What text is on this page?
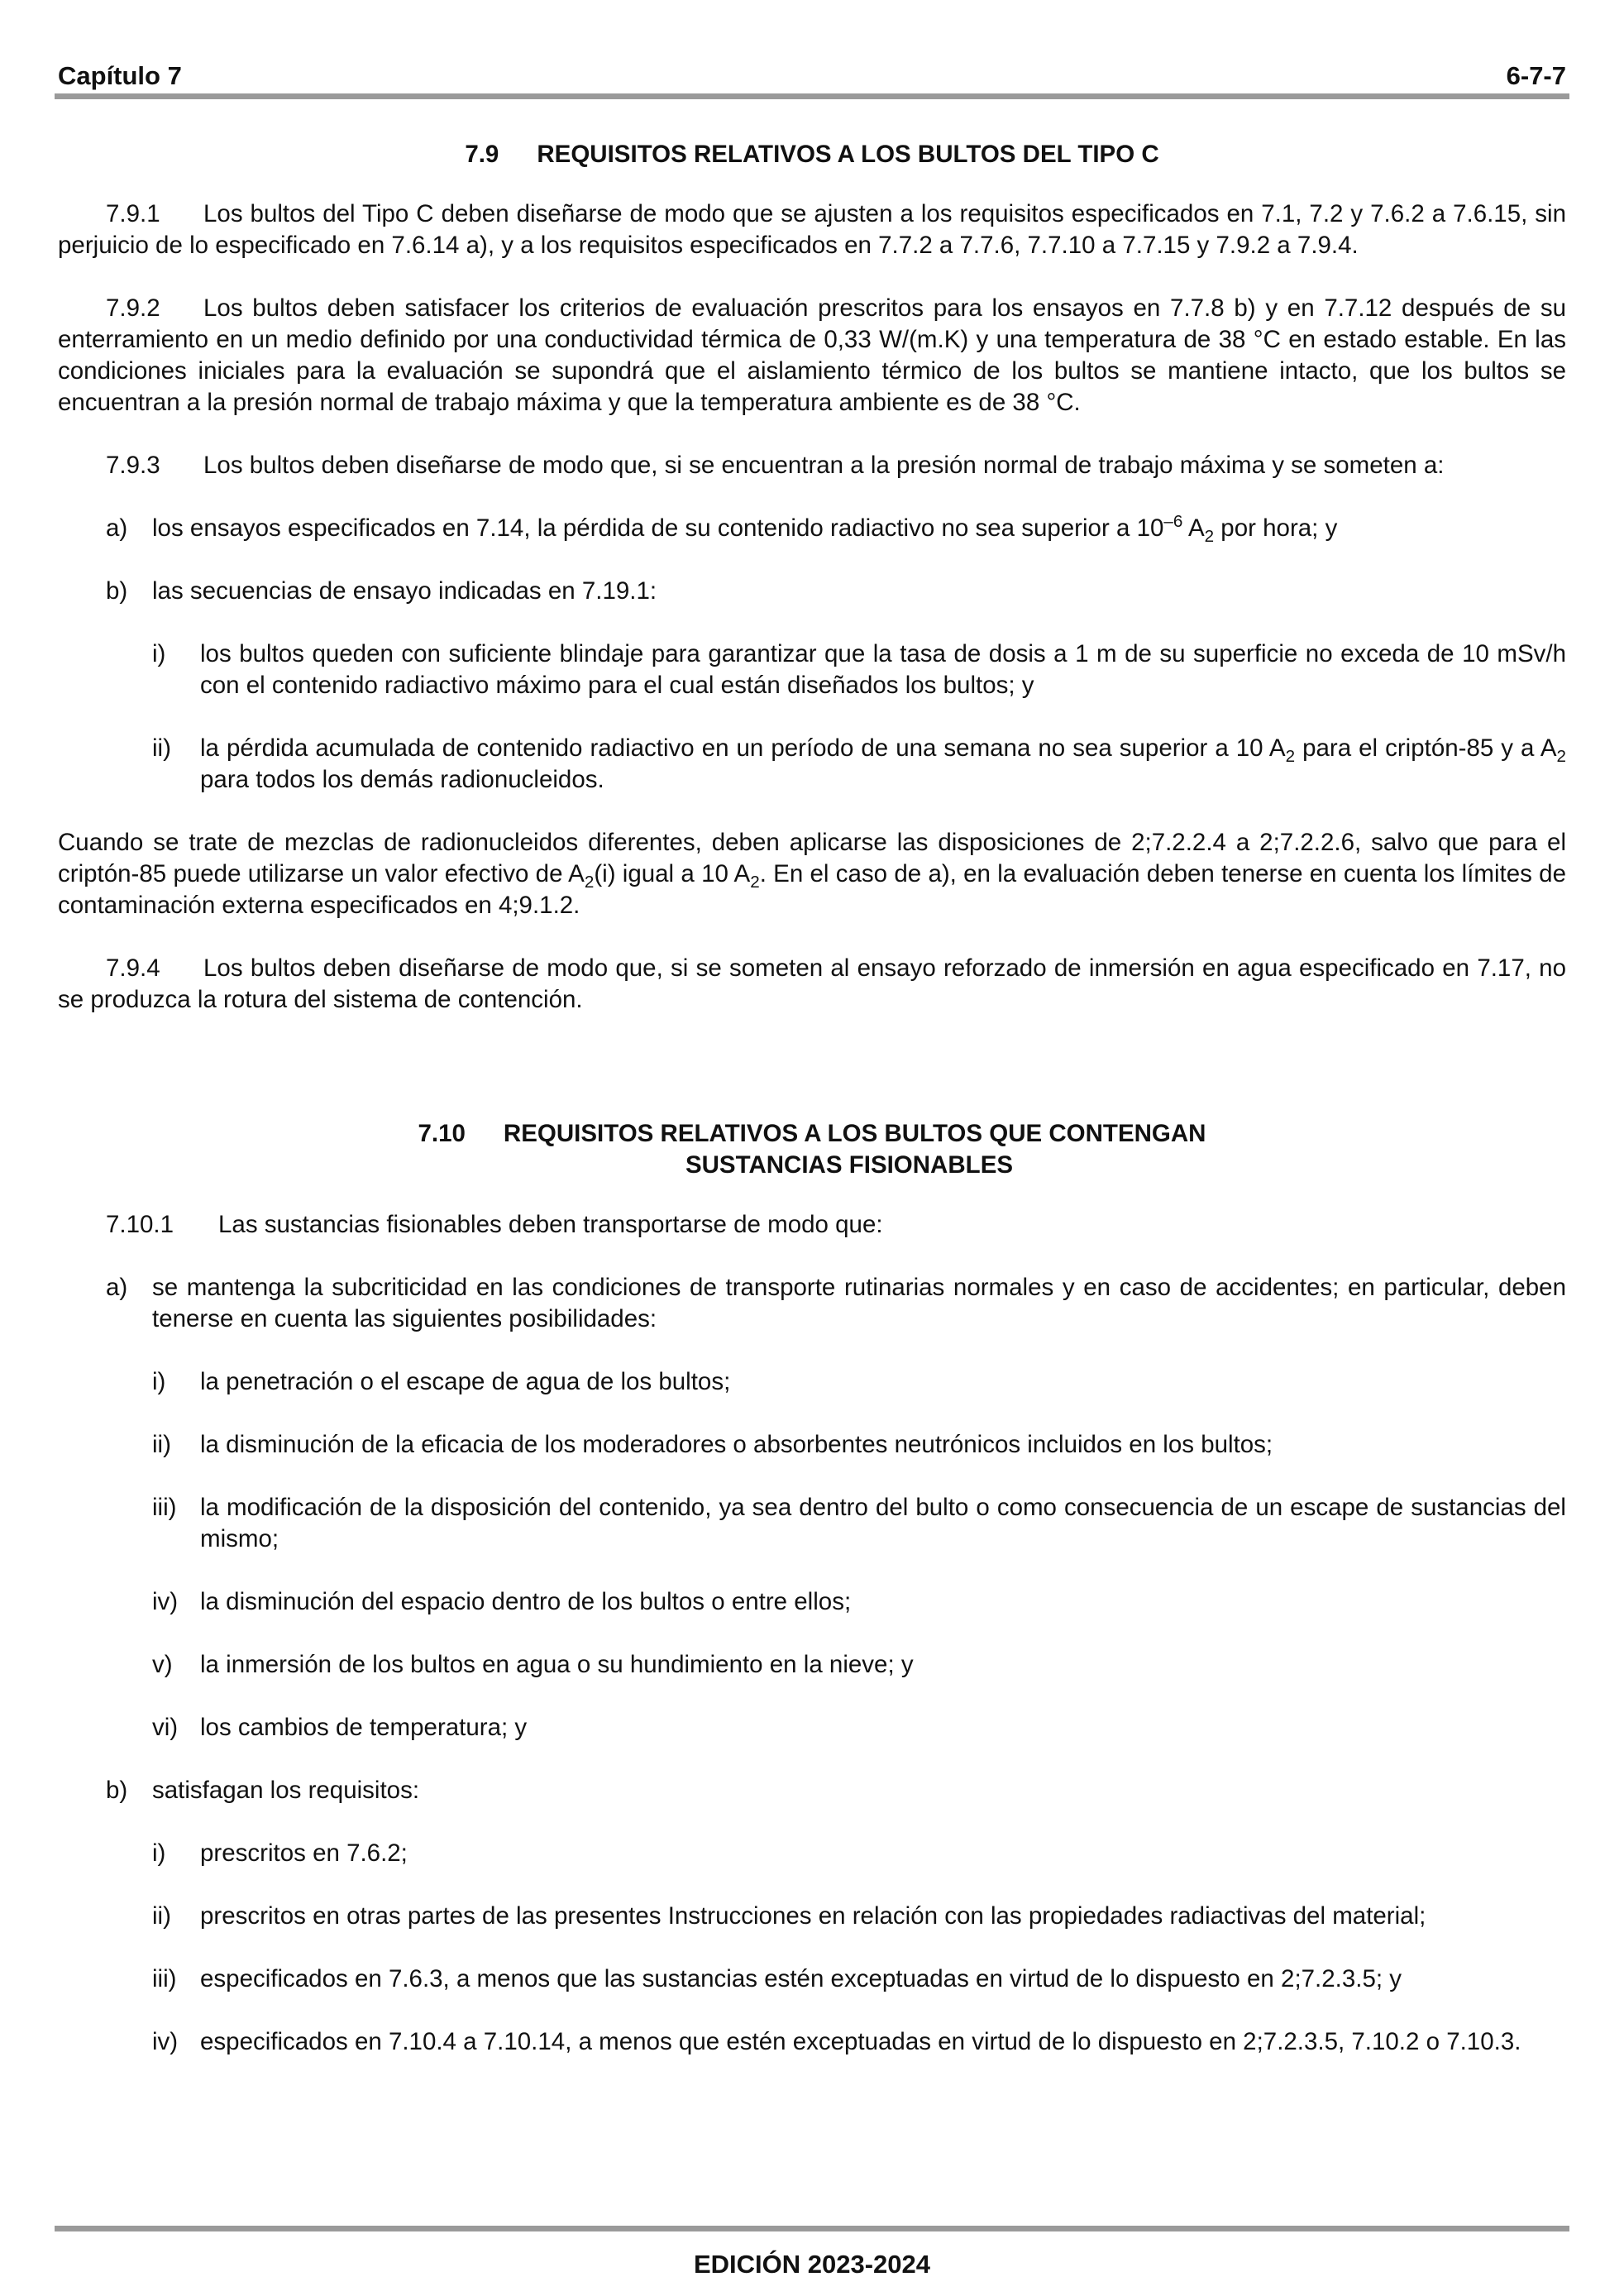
Capítulo 7	6-7-7
7.9 REQUISITOS RELATIVOS A LOS BULTOS DEL TIPO C

7.9.1 Los bultos del Tipo C deben diseñarse de modo que se ajusten a los requisitos especificados en 7.1, 7.2 y 7.6.2 a 7.6.15, sin perjuicio de lo especificado en 7.6.14 a), y a los requisitos especificados en 7.7.2 a 7.7.6, 7.7.10 a 7.7.15 y 7.9.2 a 7.9.4.

7.9.2 Los bultos deben satisfacer los criterios de evaluación prescritos para los ensayos en 7.7.8 b) y en 7.7.12 después de su enterramiento en un medio definido por una conductividad térmica de 0,33 W/(m.K) y una temperatura de 38 °C en estado estable. En las condiciones iniciales para la evaluación se supondrá que el aislamiento térmico de los bultos se mantiene intacto, que los bultos se encuentran a la presión normal de trabajo máxima y que la temperatura ambiente es de 38 °C.

7.9.3 Los bultos deben diseñarse de modo que, si se encuentran a la presión normal de trabajo máxima y se someten a:

a)	los ensayos especificados en 7.14, la pérdida de su contenido radiactivo no sea superior a $10^{-6}$ $A_2$ por hora; y
b)	las secuencias de ensayo indicadas en 7.19.1:
i)	los bultos queden con suficiente blindaje para garantizar que la tasa de dosis a 1 m de su superficie no exceda de 10 mSv/h con el contenido radiactivo máximo para el cual están diseñados los bultos; y
ii)	la pérdida acumulada de contenido radiactivo en un período de una semana no sea superior a 10 $A_2$ para el criptón-85 y a $A_2$ para todos los demás radionucleidos.

Cuando se trate de mezclas de radionucleidos diferentes, deben aplicarse las disposiciones de 2;7.2.2.4 a 2;7.2.2.6, salvo que para el criptón-85 puede utilizarse un valor efectivo de $A_2(i)$ igual a 10 $A_2$. En el caso de a), en la evaluación deben tenerse en cuenta los límites de contaminación externa especificados en 4;9.1.2.

7.9.4 Los bultos deben diseñarse de modo que, si se someten al ensayo reforzado de inmersión en agua especificado en 7.17, no se produzca la rotura del sistema de contención.

7.10 REQUISITOS RELATIVOS A LOS BULTOS QUE CONTENGAN
SUSTANCIAS FISIONABLES

7.10.1 Las sustancias fisionables deben transportarse de modo que:

a)	se mantenga la subcriticidad en las condiciones de transporte rutinarias normales y en caso de accidentes; en particular, deben tenerse en cuenta las siguientes posibilidades:
i)	la penetración o el escape de agua de los bultos;
ii)	la disminución de la eficacia de los moderadores o absorbentes neutrónicos incluidos en los bultos;
iii) la modificación de la disposición del contenido, ya sea dentro del bulto o como consecuencia de un escape de sustancias del mismo;
iv) la disminución del espacio dentro de los bultos o entre ellos;
v)	la inmersión de los bultos en agua o su hundimiento en la nieve; y
vi) los cambios de temperatura; y
b)	satisfagan los requisitos:
i)	prescritos en 7.6.2;
ii)	prescritos en otras partes de las presentes Instrucciones en relación con las propiedades radiactivas del material;
iii) especificados en 7.6.3, a menos que las sustancias estén exceptuadas en virtud de lo dispuesto en 2;7.2.3.5; y
iv) especificados en 7.10.4 a 7.10.14, a menos que estén exceptuadas en virtud de lo dispuesto en 2;7.2.3.5, 7.10.2 o 7.10.3.
EDICIÓN 2023-2024
